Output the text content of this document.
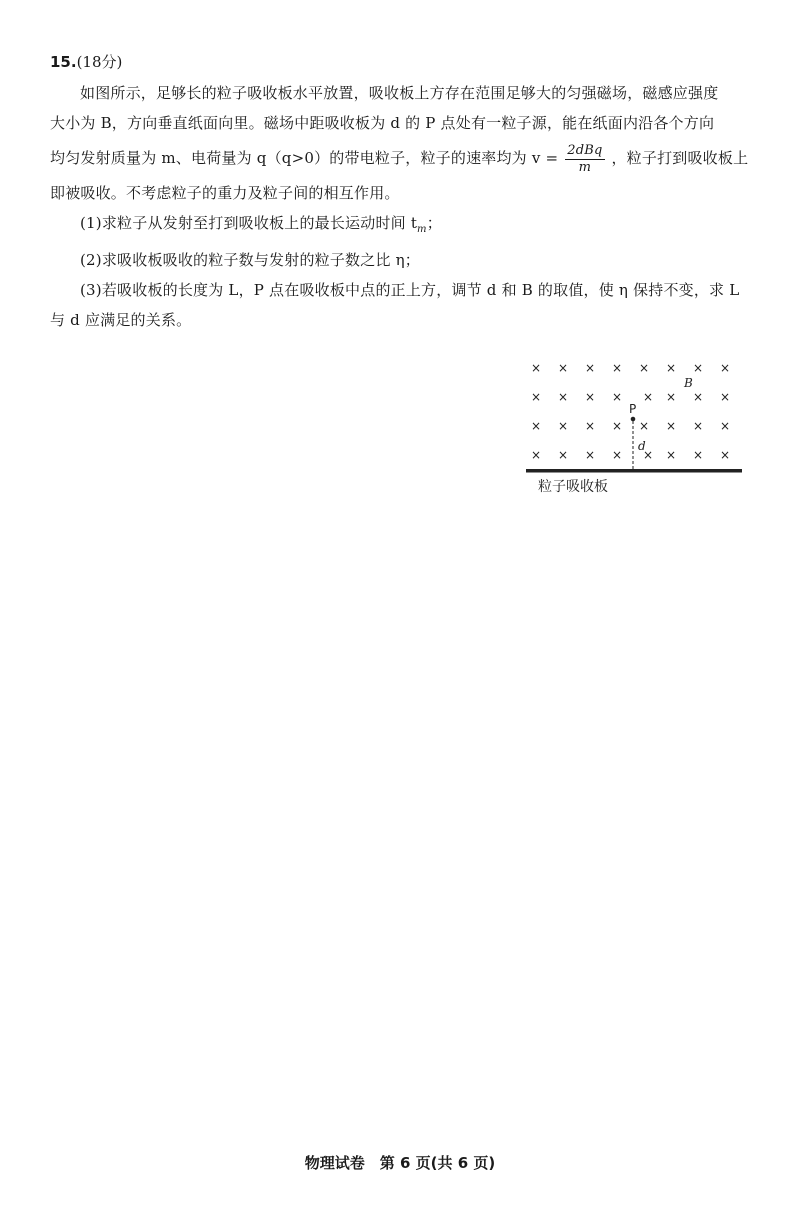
15.(18分)
如图所示，足够长的粒子吸收板水平放置，吸收板上方存在范围足够大的匀强磁场，磁感应强度
大小为 B，方向垂直纸面向里。磁场中距吸收板为 d 的 P 点处有一粒子源，能在纸面内沿各个方向
均匀发射质量为 m、电荷量为 q（q>0）的带电粒子，粒子的速率均为 $v = \frac{\text{2dBq}}{m}$ ，粒子打到吸收板上
即被吸收。不考虑粒子的重力及粒子间的相互作用。
(1)求粒子从发射至打到吸收板上的最长运动时间 $t_m$；
(2)求吸收板吸收的粒子数与发射的粒子数之比 η；
(3)若吸收板的长度为 L，P 点在吸收板中点的正上方，调节 d 和 B 的取值，使 η 保持不变，求 L
与 d 应满足的关系。
× × × × × × × ×
× × × ×	× × ×
× × × × × × × ×
× × × × × × × ×
×
P
d
B
粒子吸收板
物理试卷　第 6 页(共 6 页)
